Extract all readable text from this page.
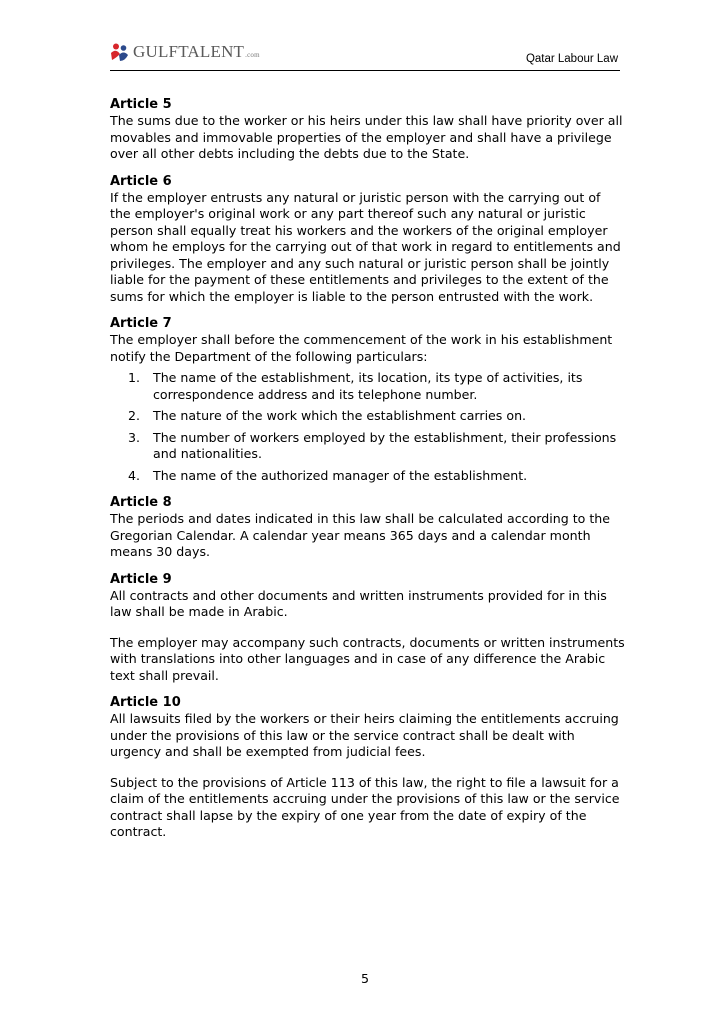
GULFTALENT.com	Qatar Labour Law
Article 5

The sums due to the worker or his heirs under this law shall have priority over all movables and immovable properties of the employer and shall have a privilege over all other debts including the debts due to the State.

Article 6

If the employer entrusts any natural or juristic person with the carrying out of the employer's original work or any part thereof such any natural or juristic person shall equally treat his workers and the workers of the original employer whom he employs for the carrying out of that work in regard to entitlements and privileges. The employer and any such natural or juristic person shall be jointly liable for the payment of these entitlements and privileges to the extent of the sums for which the employer is liable to the person entrusted with the work.

Article 7

The employer shall before the commencement of the work in his establishment notify the Department of the following particulars:

1. The name of the establishment, its location, its type of activities, its correspondence address and its telephone number.
2. The nature of the work which the establishment carries on.
3. The number of workers employed by the establishment, their professions and nationalities.
4. The name of the authorized manager of the establishment.
Article 8

The periods and dates indicated in this law shall be calculated according to the Gregorian Calendar. A calendar year means 365 days and a calendar month means 30 days.

Article 9

All contracts and other documents and written instruments provided for in this law shall be made in Arabic.

The employer may accompany such contracts, documents or written instruments with translations into other languages and in case of any difference the Arabic text shall prevail.

Article 10

All lawsuits filed by the workers or their heirs claiming the entitlements accruing under the provisions of this law or the service contract shall be dealt with urgency and shall be exempted from judicial fees.

Subject to the provisions of Article 113 of this law, the right to file a lawsuit for a claim of the entitlements accruing under the provisions of this law or the service contract shall lapse by the expiry of one year from the date of expiry of the contract.

5
